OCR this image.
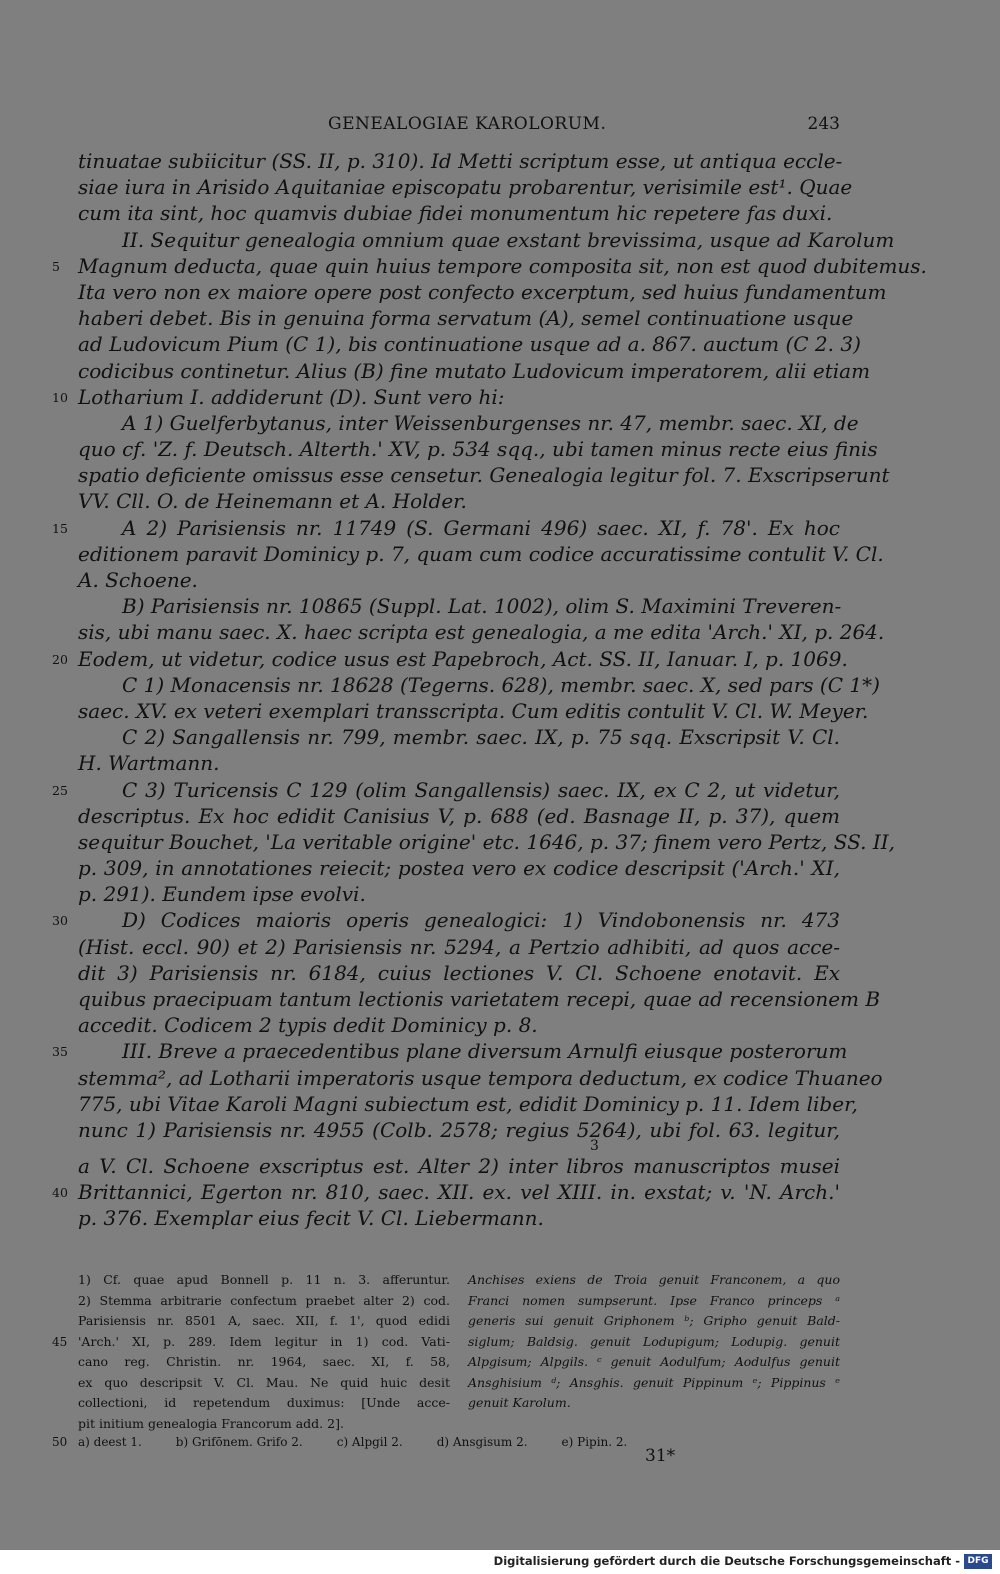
GENEALOGIAE KAROLORUM.	243
tinuatae subiicitur (SS. II, p. 310). Id Metti scriptum esse, ut antiqua eccle-
siae iura in Arisido Aquitaniae episcopatu probarentur, verisimile est¹. Quae
cum ita sint, hoc quamvis dubiae fidei monumentum hic repetere fas duxi.
II. Sequitur genealogia omnium quae exstant brevissima, usque ad Karolum
5 Magnum deducta, quae quin huius tempore composita sit, non est quod dubitemus.
Ita vero non ex maiore opere post confecto excerptum, sed huius fundamentum
haberi debet. Bis in genuina forma servatum (A), semel continuatione usque
ad Ludovicum Pium (C 1), bis continuatione usque ad a. 867. auctum (C 2. 3)
codicibus continetur. Alius (B) fine mutato Ludovicum imperatorem, alii etiam
10 Lotharium I. addiderunt (D). Sunt vero hi:
A 1) Guelferbytanus, inter Weissenburgenses nr. 47, membr. saec. XI, de
quo cf. 'Z. f. Deutsch. Alterth.' XV, p. 534 sqq., ubi tamen minus recte eius finis
spatio deficiente omissus esse censetur. Genealogia legitur fol. 7. Exscripserunt
VV. Cll. O. de Heinemann et A. Holder.
15	A 2) Parisiensis nr. 11749 (S. Germani 496) saec. XI, f. 78'. Ex hoc
editionem paravit Dominicy p. 7, quam cum codice accuratissime contulit V. Cl.
A. Schoene.
B) Parisiensis nr. 10865 (Suppl. Lat. 1002), olim S. Maximini Treveren-
sis, ubi manu saec. X. haec scripta est genealogia, a me edita 'Arch.' XI, p. 264.
20 Eodem, ut videtur, codice usus est Papebroch, Act. SS. II, Ianuar. I, p. 1069.
C 1) Monacensis nr. 18628 (Tegerns. 628), membr. saec. X, sed pars (C 1*)
saec. XV. ex veteri exemplari transscripta. Cum editis contulit V. Cl. W. Meyer.
C 2) Sangallensis nr. 799, membr. saec. IX, p. 75 sqq. Exscripsit V. Cl.
H. Wartmann.
25	C 3) Turicensis C 129 (olim Sangallensis) saec. IX, ex C 2, ut videtur,
descriptus. Ex hoc edidit Canisius V, p. 688 (ed. Basnage II, p. 37), quem
sequitur Bouchet, 'La veritable origine' etc. 1646, p. 37; finem vero Pertz, SS. II,
p. 309, in annotationes reiecit; postea vero ex codice descripsit ('Arch.' XI,
p. 291). Eundem ipse evolvi.
30	D) Codices maioris operis genealogici: 1) Vindobonensis nr. 473
(Hist. eccl. 90) et 2) Parisiensis nr. 5294, a Pertzio adhibiti, ad quos acce-
dit 3) Parisiensis nr. 6184, cuius lectiones V. Cl. Schoene enotavit. Ex
quibus praecipuam tantum lectionis varietatem recepi, quae ad recensionem B
accedit. Codicem 2 typis dedit Dominicy p. 8.
35	III. Breve a praecedentibus plane diversum Arnulfi eiusque posterorum
stemma², ad Lotharii imperatoris usque tempora deductum, ex codice Thuaneo
775, ubi Vitae Karoli Magni subiectum est, edidit Dominicy p. 11. Idem liber,
nunc 1) Parisiensis nr. 4955 (Colb. 2578; regius 5264), ubi fol. 63. legitur,
3
a V. Cl. Schoene exscriptus est. Alter 2) inter libros manuscriptos musei
40 Brittannici, Egerton nr. 810, saec. XII. ex. vel XIII. in. exstat; v. 'N. Arch.'
p. 376. Exemplar eius fecit V. Cl. Liebermann.
1) Cf. quae apud Bonnell p. 11 n. 3. afferuntur.
2) Stemma arbitrarie confectum praebet alter 2) cod.
Parisiensis nr. 8501 A, saec. XII, f. 1', quod edidi
45 'Arch.' XI, p. 289. Idem legitur in 1) cod. Vati-
cano reg. Christin. nr. 1964, saec. XI, f. 58,
ex quo descripsit V. Cl. Mau. Ne quid huic desit
collectioni, id repetendum duximus: [Unde acce-
pit initium genealogia Francorum add. 2].
Anchises exiens de Troia genuit Franconem, a quo
Franci nomen sumpserunt. Ipse Franco princeps ᵃ
generis sui genuit Griphonem ᵇ; Gripho genuit Bald-
siglum; Baldsig. genuit Lodupigum; Lodupig. genuit
Alpgisum; Alpgils. ᶜ genuit Aodulfum; Aodulfus genuit
Ansghisium ᵈ; Ansghis. genuit Pippinum ᵉ; Pippinus ᵉ
genuit Karolum.
50 a) deest 1.	b) Grifōnem. Grifo 2.	c) Alpgil 2.	d) Ansgisum 2.	e) Pipin. 2.
31*
Digitalisierung gefördert durch die Deutsche Forschungsgemeinschaft - DFG
